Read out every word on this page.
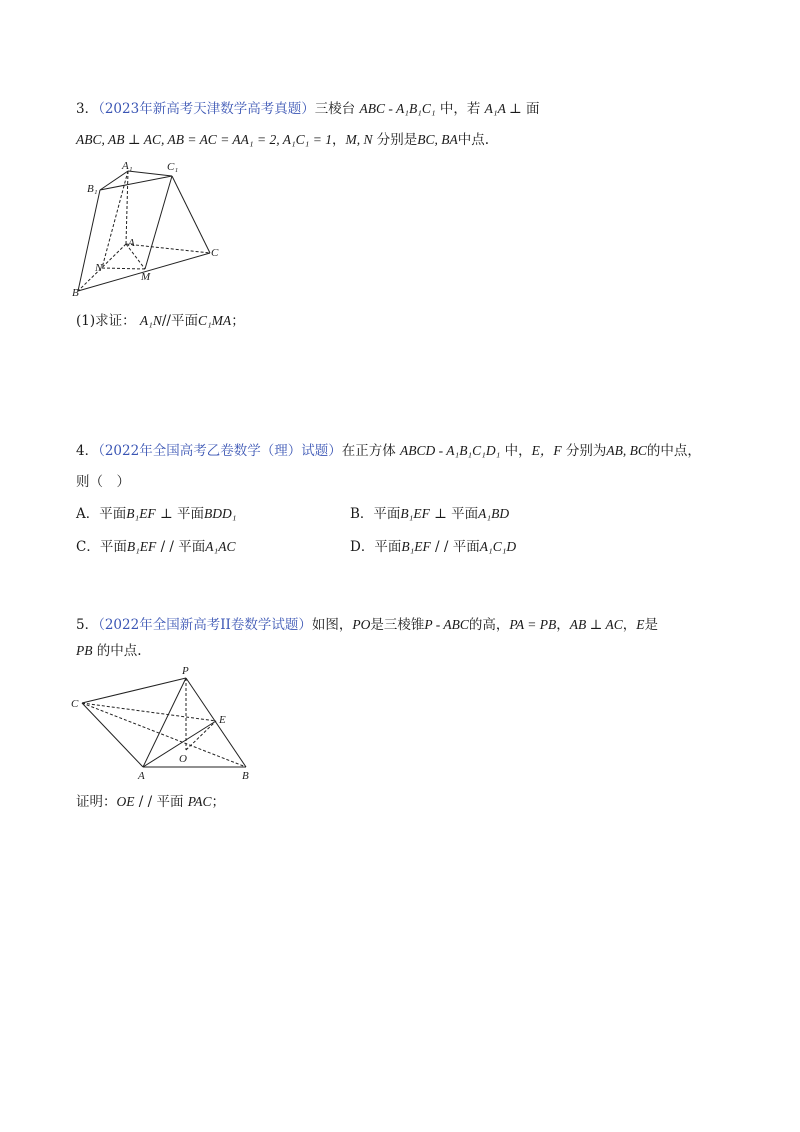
3．（2023年新高考天津数学高考真题）三棱台 ABC - A₁B₁C₁ 中，若 A₁A ⊥ 面
ABC, AB ⊥ AC, AB = AC = AA₁ = 2, A₁C₁ = 1，M, N 分别是BC, BA中点.
A₁	C₁
B₁
A
C
N
M
B
(1)求证： A₁N//平面C₁MA；
4．（2022年全国高考乙卷数学（理）试题）在正方体 ABCD - A₁B₁C₁D₁ 中，E，F 分别为AB, BC的中点，
则（　）
A．平面B₁EF ⊥ 平面BDD₁	B．平面B₁EF ⊥ 平面A₁BD
C．平面B₁EF / / 平面A₁AC	D．平面B₁EF / / 平面A₁C₁D
5．（2022年全国新高考II卷数学试题）如图，PO是三棱锥P - ABC的高，PA = PB，AB ⊥ AC，E是
PB 的中点.
P
C
E
O
A	B
证明：OE / / 平面 PAC；
